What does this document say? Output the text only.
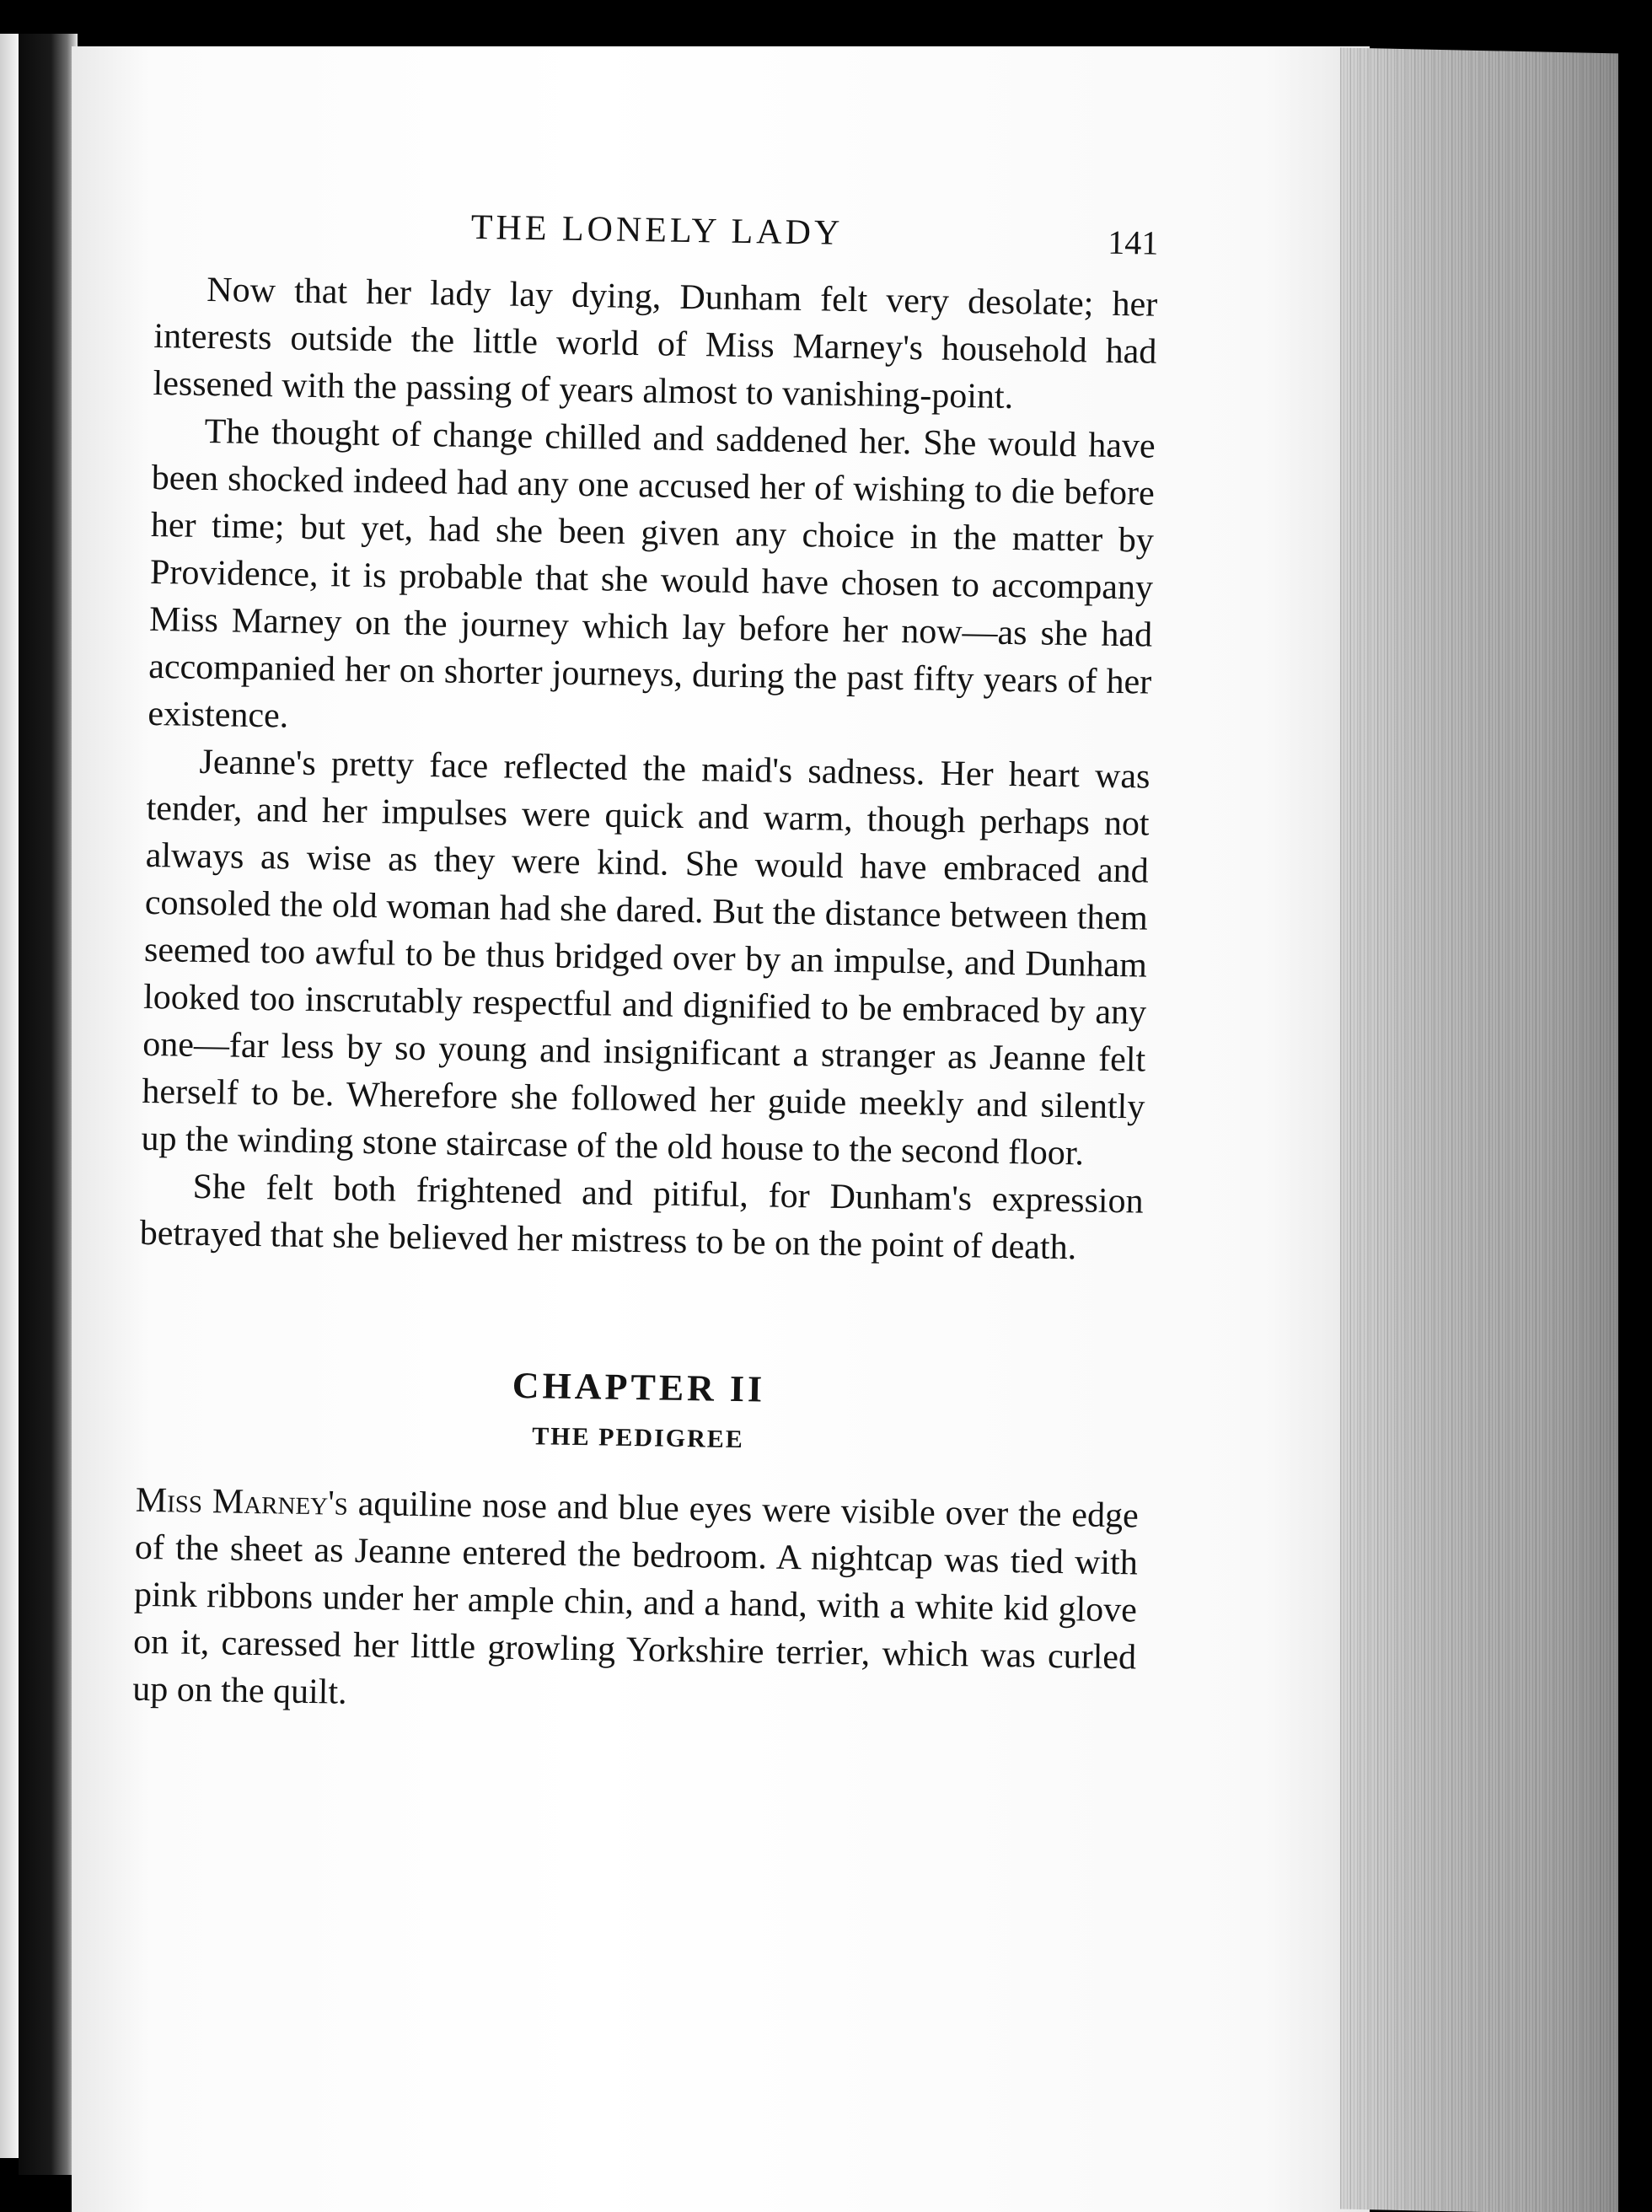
THE LONELY LADY	141

Now that her lady lay dying, Dunham felt very desolate; her interests outside the little world of Miss Marney's household had lessened with the passing of years almost to vanishing-point.

The thought of change chilled and saddened her. She would have been shocked indeed had any one accused her of wishing to die before her time; but yet, had she been given any choice in the matter by Providence, it is probable that she would have chosen to accompany Miss Marney on the journey which lay before her now—as she had accompanied her on shorter journeys, during the past fifty years of her existence.

Jeanne's pretty face reflected the maid's sadness. Her heart was tender, and her impulses were quick and warm, though perhaps not always as wise as they were kind. She would have embraced and consoled the old woman had she dared. But the distance between them seemed too awful to be thus bridged over by an impulse, and Dunham looked too inscrutably respectful and dignified to be embraced by any one—far less by so young and insignificant a stranger as Jeanne felt herself to be. Wherefore she followed her guide meekly and silently up the winding stone staircase of the old house to the second floor.

She felt both frightened and pitiful, for Dunham's expression betrayed that she believed her mistress to be on the point of death.

CHAPTER II
THE PEDIGREE

Miss Marney's aquiline nose and blue eyes were visible over the edge of the sheet as Jeanne entered the bedroom. A nightcap was tied with pink ribbons under her ample chin, and a hand, with a white kid glove on it, caressed her little growling Yorkshire terrier, which was curled up on the quilt.
